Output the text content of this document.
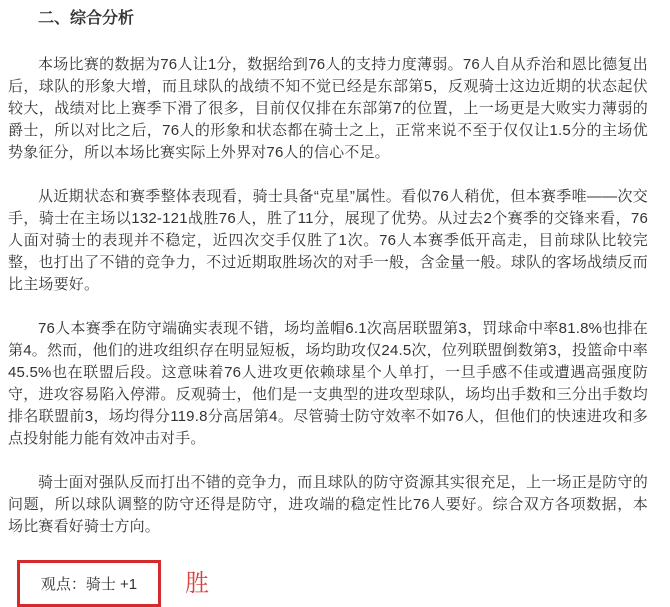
二、综合分析

本场比赛的数据为76人让1分，数据给到76人的支持力度薄弱。76人自从乔治和恩比德复出后，球队的形象大增，而且球队的战绩不知不觉已经是东部第5，反观骑士这边近期的状态起伏较大，战绩对比上赛季下滑了很多，目前仅仅排在东部第7的位置，上一场更是大败实力薄弱的爵士，所以对比之后，76人的形象和状态都在骑士之上，正常来说不至于仅仅让1.5分的主场优势象征分，所以本场比赛实际上外界对76人的信心不足。

从近期状态和赛季整体表现看，骑士具备“克星”属性。看似76人稍优，但本赛季唯——次交手，骑士在主场以132-121战胜76人，胜了11分，展现了优势。从过去2个赛季的交锋来看，76人面对骑士的表现并不稳定，近四次交手仅胜了1次。76人本赛季低开高走，目前球队比较完整，也打出了不错的竞争力，不过近期取胜场次的对手一般，含金量一般。球队的客场战绩反而比主场要好。

76人本赛季在防守端确实表现不错，场均盖帽6.1次高居联盟第3，罚球命中率81.8%也排在第4。然而，他们的进攻组织存在明显短板，场均助攻仅24.5次，位列联盟倒数第3，投篮命中率45.5%也在联盟后段。这意味着76人进攻更依赖球星个人单打，一旦手感不佳或遭遇高强度防守，进攻容易陷入停滞。反观骑士，他们是一支典型的进攻型球队，场均出手数和三分出手数均排名联盟前3，场均得分119.8分高居第4。尽管骑士防守效率不如76人，但他们的快速进攻和多点投射能力能有效冲击对手。

骑士面对强队反而打出不错的竞争力，而且球队的防守资源其实很充足，上一场正是防守的问题，所以球队调整的防守还得是防守，进攻端的稳定性比76人要好。综合双方各项数据，本场比赛看好骑士方向。

观点：骑士 +1	胜
